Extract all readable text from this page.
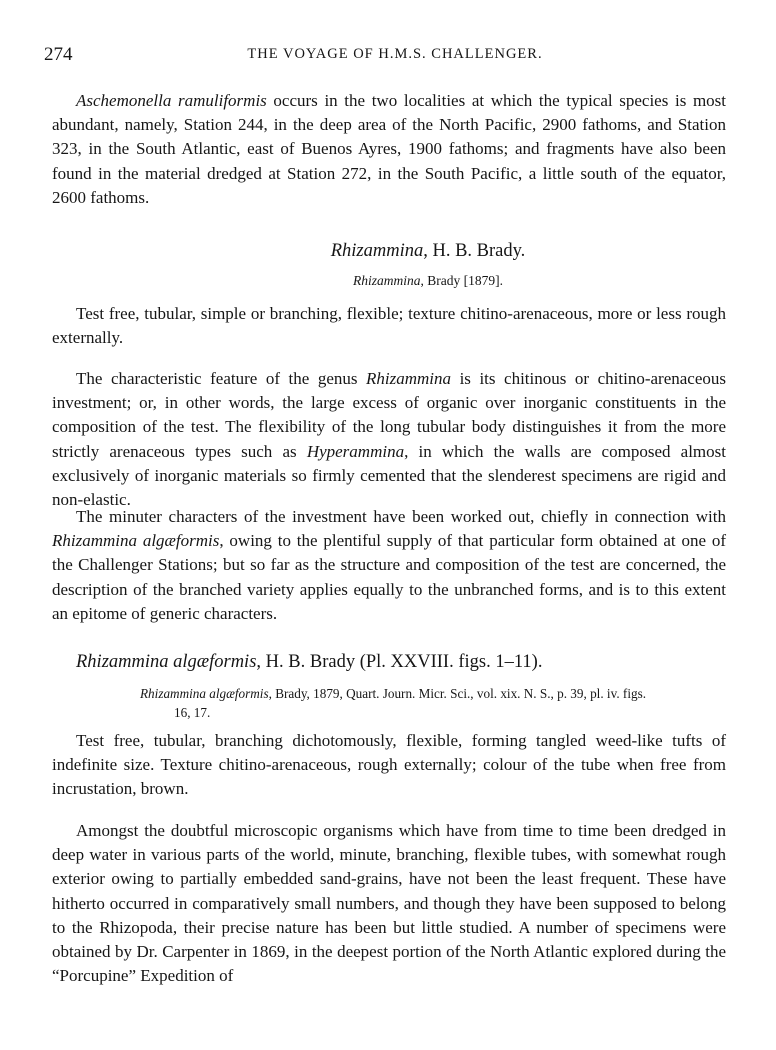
274	THE VOYAGE OF H.M.S. CHALLENGER.

Aschemonella ramuliformis occurs in the two localities at which the typical species is most abundant, namely, Station 244, in the deep area of the North Pacific, 2900 fathoms, and Station 323, in the South Atlantic, east of Buenos Ayres, 1900 fathoms; and fragments have also been found in the material dredged at Station 272, in the South Pacific, a little south of the equator, 2600 fathoms.

Rhizammina, H. B. Brady.

Rhizammina, Brady [1879].

Test free, tubular, simple or branching, flexible; texture chitino-arenaceous, more or less rough externally.

The characteristic feature of the genus Rhizammina is its chitinous or chitino-arenaceous investment; or, in other words, the large excess of organic over inorganic constituents in the composition of the test. The flexibility of the long tubular body distinguishes it from the more strictly arenaceous types such as Hyperammina, in which the walls are composed almost exclusively of inorganic materials so firmly cemented that the slenderest specimens are rigid and non-elastic.

The minuter characters of the investment have been worked out, chiefly in connection with Rhizammina algæformis, owing to the plentiful supply of that particular form obtained at one of the Challenger Stations; but so far as the structure and composition of the test are concerned, the description of the branched variety applies equally to the unbranched forms, and is to this extent an epitome of generic characters.

Rhizammina algæformis, H. B. Brady (Pl. XXVIII. figs. 1–11).

Rhizammina algæformis, Brady, 1879, Quart. Journ. Micr. Sci., vol. xix. N. S., p. 39, pl. iv. figs.
16, 17.

Test free, tubular, branching dichotomously, flexible, forming tangled weed-like tufts of indefinite size. Texture chitino-arenaceous, rough externally; colour of the tube when free from incrustation, brown.

Amongst the doubtful microscopic organisms which have from time to time been dredged in deep water in various parts of the world, minute, branching, flexible tubes, with somewhat rough exterior owing to partially embedded sand-grains, have not been the least frequent. These have hitherto occurred in comparatively small numbers, and though they have been supposed to belong to the Rhizopoda, their precise nature has been but little studied. A number of specimens were obtained by Dr. Carpenter in 1869, in the deepest portion of the North Atlantic explored during the “Porcupine” Expedition of
